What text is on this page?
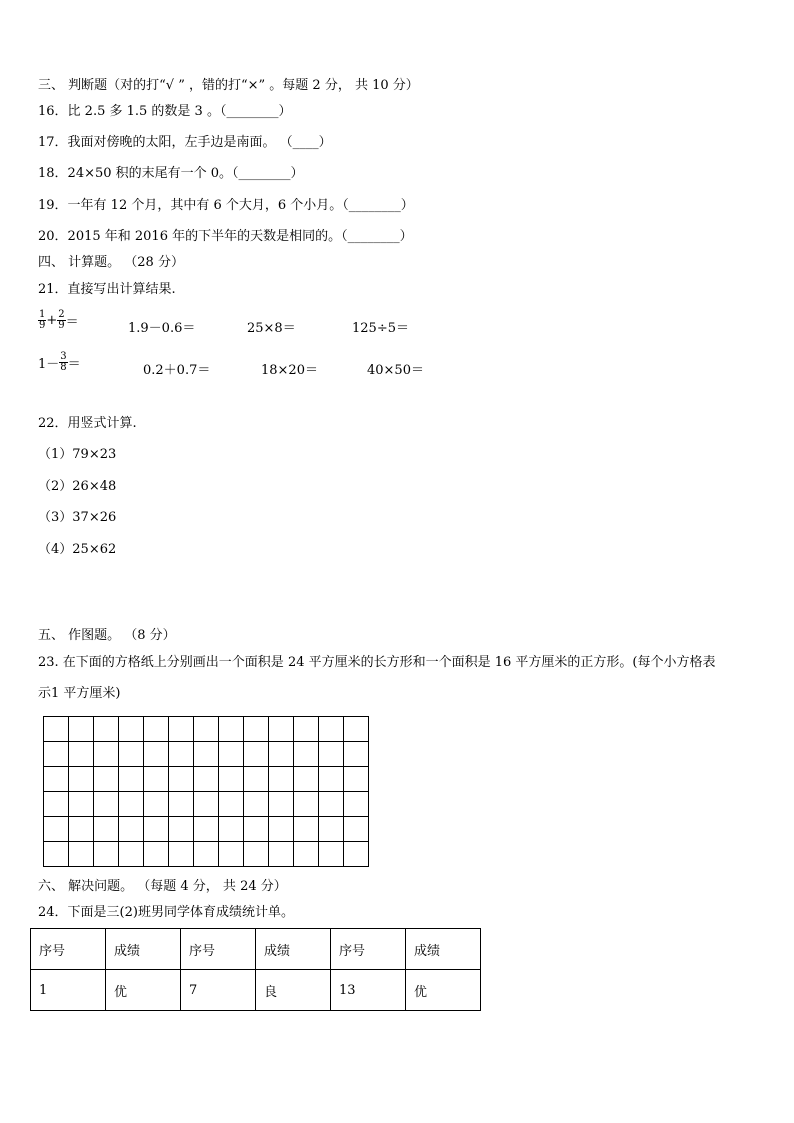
三、 判断题（对的打“√ ” ，错的打“×” 。每题 2 分， 共 10 分）
16．比 2.5 多 1.5 的数是 3 。（________）
17．我面对傍晚的太阳，左手边是南面。 （____）
18．24×50 积的末尾有一个 0。（________）
19．一年有 12 个月，其中有 6 个大月，6 个小月。（________）
20．2015 年和 2016 年的下半年的天数是相同的。（________）
四、 计算题。 （28 分）
21．直接写出计算结果.
$\frac{1}{9} + \frac{2}{9}$ ＝	1.9－0.6＝	25×8＝	125÷5＝
$1- \frac{3}{8}$ ＝	0.2＋0.7＝	18×20＝	40×50＝
22．用竖式计算.
（1）79×23
（2）26×48
（3）37×26
（4）25×62
五、 作图题。 （8 分）
23. 在下面的方格纸上分别画出一个面积是 24 平方厘米的长方形和一个面积是 16 平方厘米的正方形。(每个小方格表
示1 平方厘米)

六、 解决问题。 （每题 4 分， 共 24 分）
24．下面是三(2)班男同学体育成绩统计单。
序号	成绩	序号	成绩	序号	成绩
1	优	7	良	13	优
